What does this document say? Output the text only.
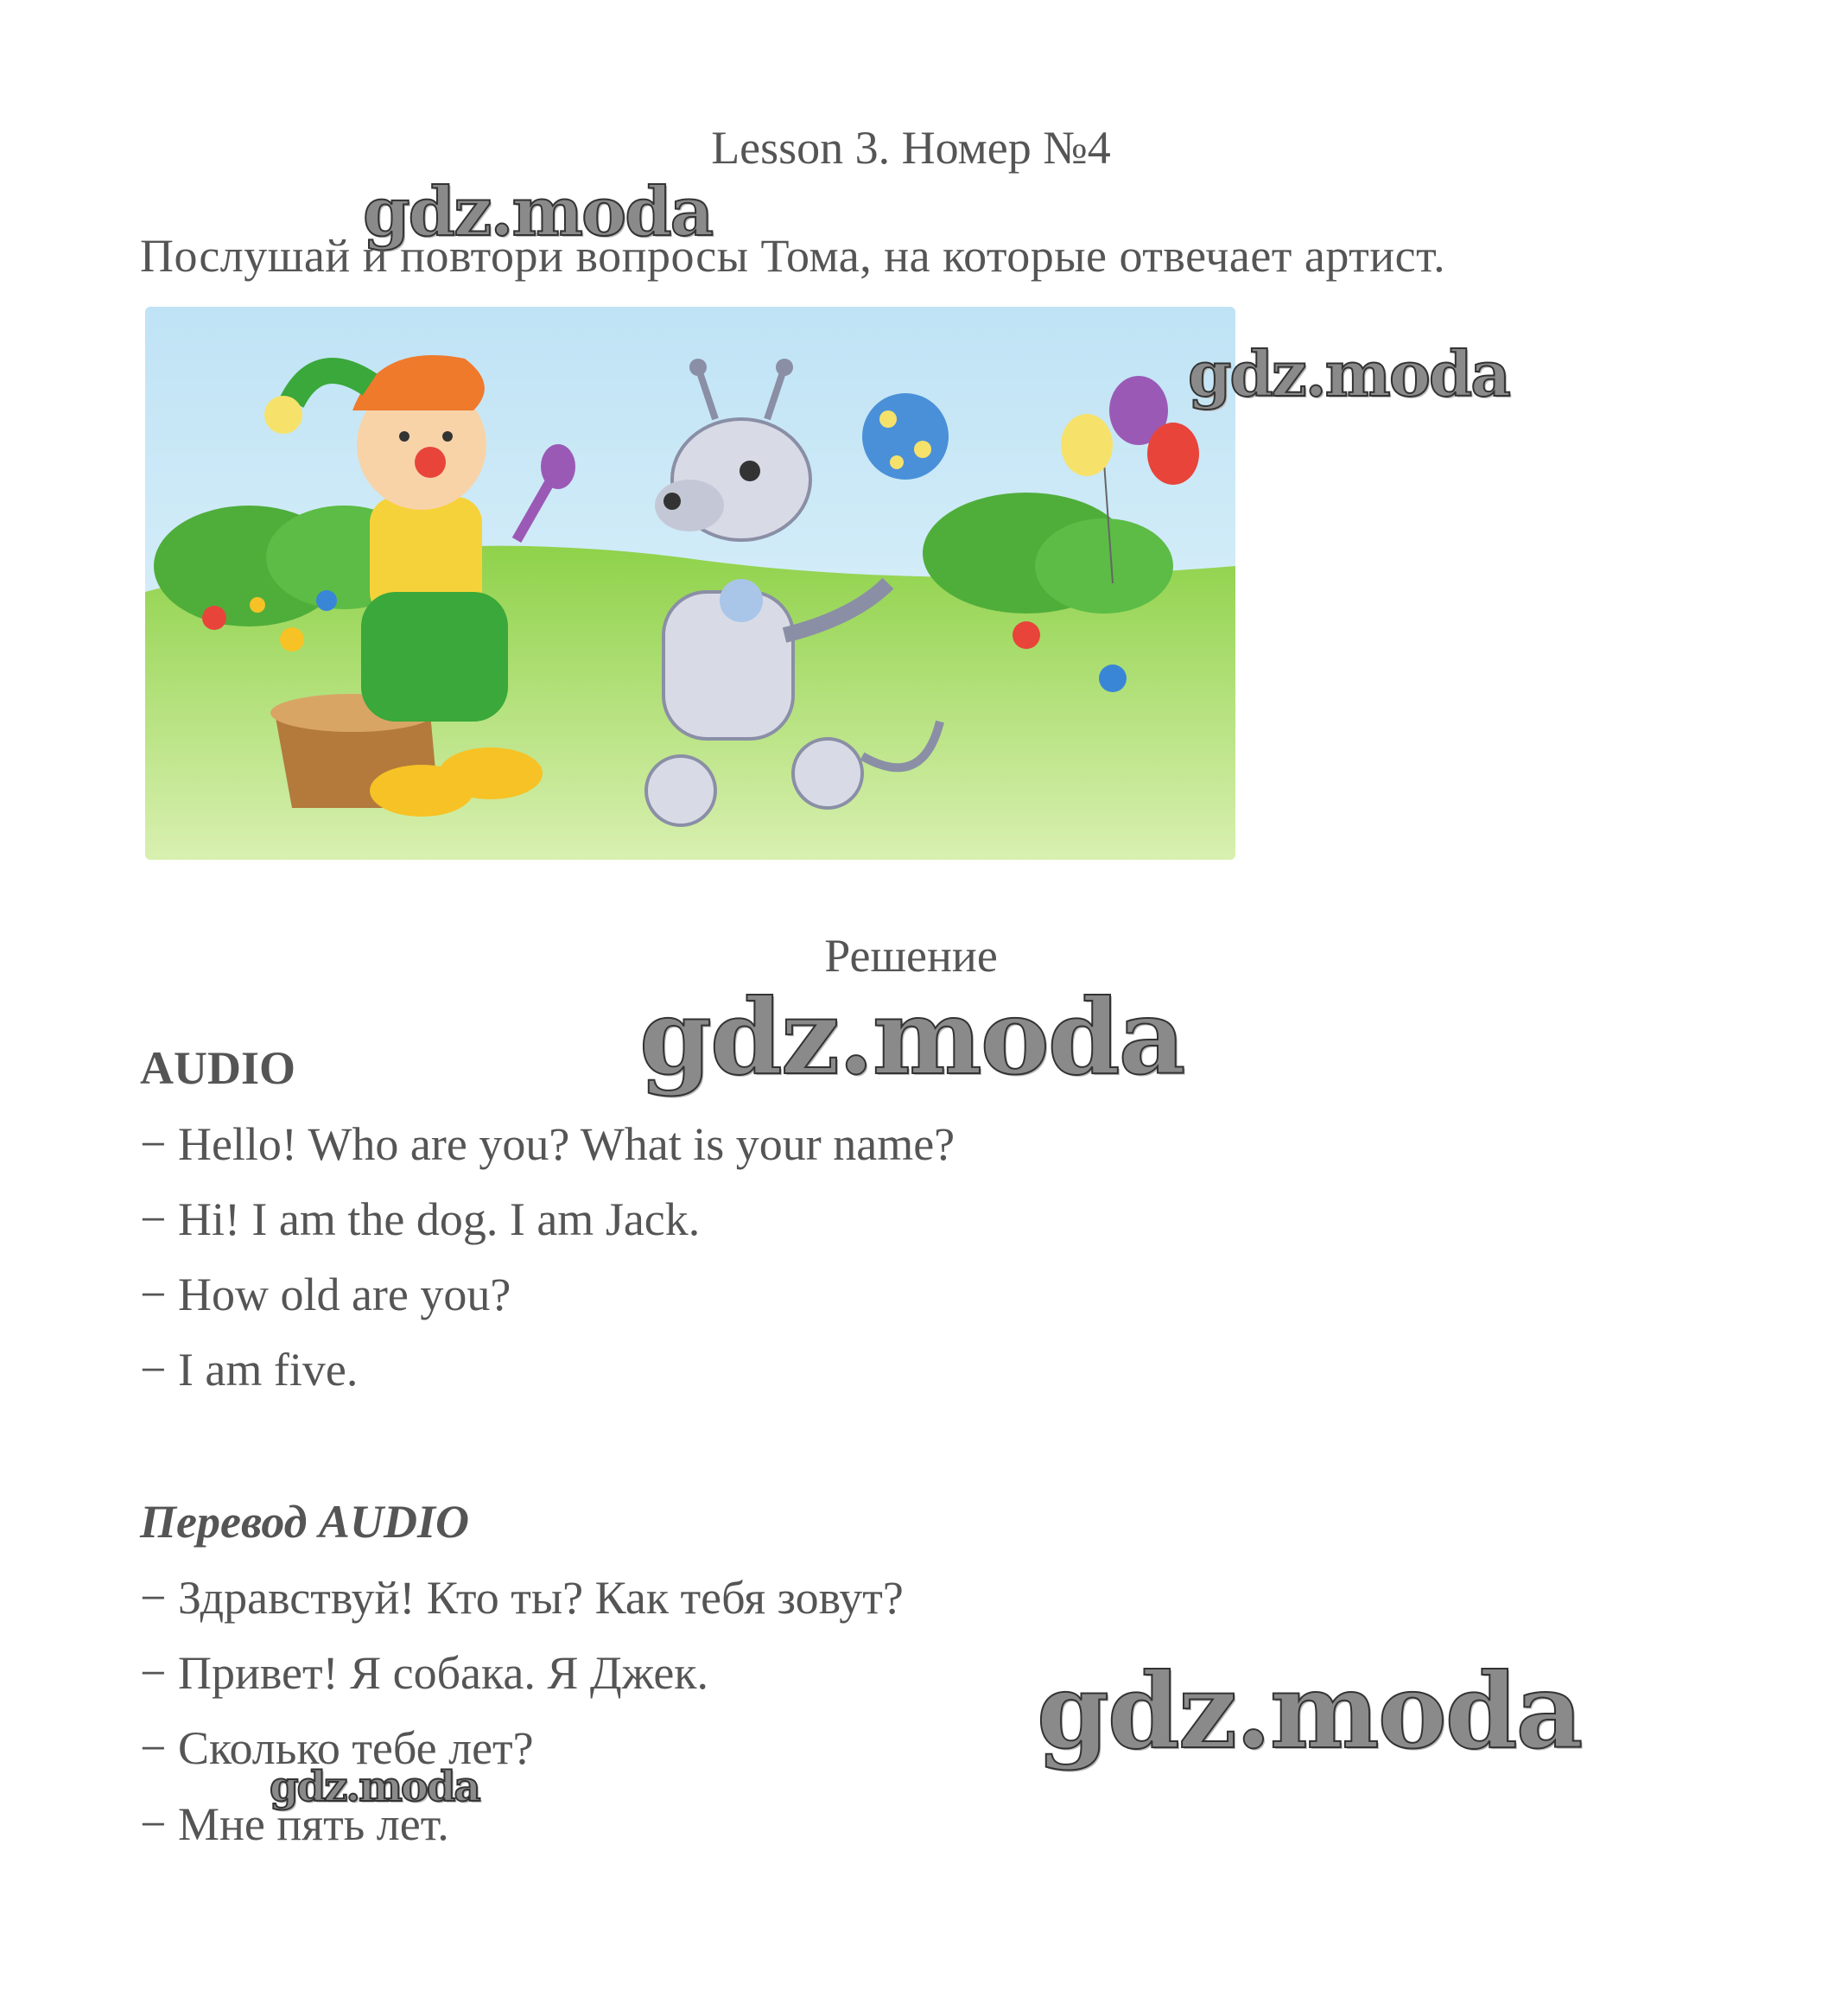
Lesson 3. Номер №4
gdz.moda
Послушай и повтори вопросы Тома, на которые отвечает артист.
gdz.moda
Решение
gdz.moda
AUDIO
− Hello! Who are you? What is your name?
− Hi! I am the dog. I am Jack.
− How old are you?
− I am five.
Перевод AUDIO
− Здравствуй! Кто ты? Как тебя зовут?
− Привет! Я собака. Я Джек.
− Сколько тебе лет?
− Мне пять лет.
gdz.moda
gdz.moda
